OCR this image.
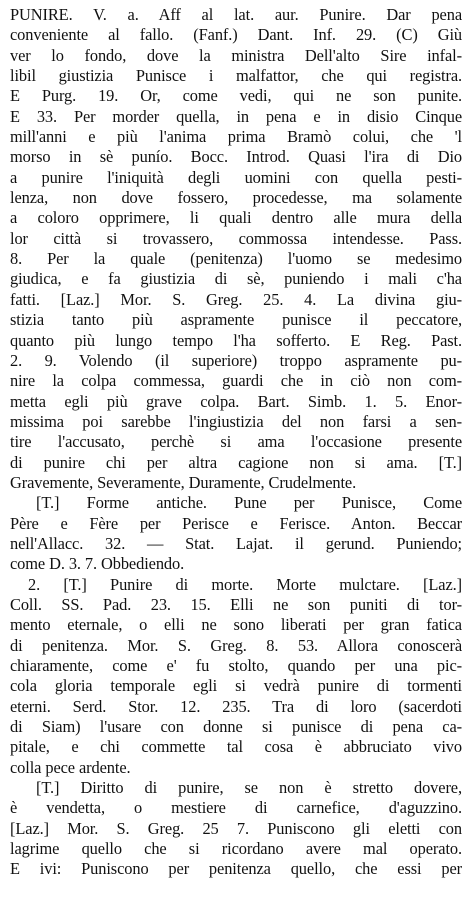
PUNIRE. V. a. Aff al lat. aur. Punire. Dar pena
conveniente al fallo. (Fanf.) Dant. Inf. 29. (C) Giù
ver lo fondo, dove la ministra Dell'alto Sire infal-
libil giustizia Punisce i malfattor, che qui registra.
E Purg. 19. Or, come vedi, qui ne son punite.
E 33. Per morder quella, in pena e in disio Cinque
mill'anni e più l'anima prima Bramò colui, che 'l
morso in sè punío. Bocc. Introd. Quasi l'ira di Dio
a punire l'iniquità degli uomini con quella pesti-
lenza, non dove fossero, procedesse, ma solamente
a coloro opprimere, li quali dentro alle mura della
lor città si trovassero, commossa intendesse. Pass.
8. Per la quale (penitenza) l'uomo se medesimo
giudica, e fa giustizia di sè, puniendo i mali c'ha
fatti. [Laz.] Mor. S. Greg. 25. 4. La divina giu-
stizia tanto più aspramente punisce il peccatore,
quanto più lungo tempo l'ha sofferto. E Reg. Past.
2. 9. Volendo (il superiore) troppo aspramente pu-
nire la colpa commessa, guardi che in ciò non com-
metta egli più grave colpa. Bart. Simb. 1. 5. Enor-
missima poi sarebbe l'ingiustizia del non farsi a sen-
tire l'accusato, perchè si ama l'occasione presente
di punire chi per altra cagione non si ama. [T.]
Gravemente, Severamente, Duramente, Crudelmente.
[T.] Forme antiche. Pune per Punisce, Come
Père e Fère per Perisce e Ferisce. Anton. Beccar
nell'Allacc. 32. — Stat. Lajat. il gerund. Puniendo;
come D. 3. 7. Obbediendo.
2. [T.] Punire di morte. Morte mulctare. [Laz.]
Coll. SS. Pad. 23. 15. Elli ne son puniti di tor-
mento eternale, o elli ne sono liberati per gran fatica
di penitenza. Mor. S. Greg. 8. 53. Allora conoscerà
chiaramente, come e' fu stolto, quando per una pic-
cola gloria temporale egli si vedrà punire di tormenti
eterni. Serd. Stor. 12. 235. Tra di loro (sacerdoti
di Siam) l'usare con donne si punisce di pena ca-
pitale, e chi commette tal cosa è abbruciato vivo
colla pece ardente.
[T.] Diritto di punire, se non è stretto dovere,
è vendetta, o mestiere di carnefice, d'aguzzino.
[Laz.] Mor. S. Greg. 25 7. Puniscono gli eletti con
lagrime quello che si ricordano avere mal operato.
E ivi: Puniscono per penitenza quello, che essi per
